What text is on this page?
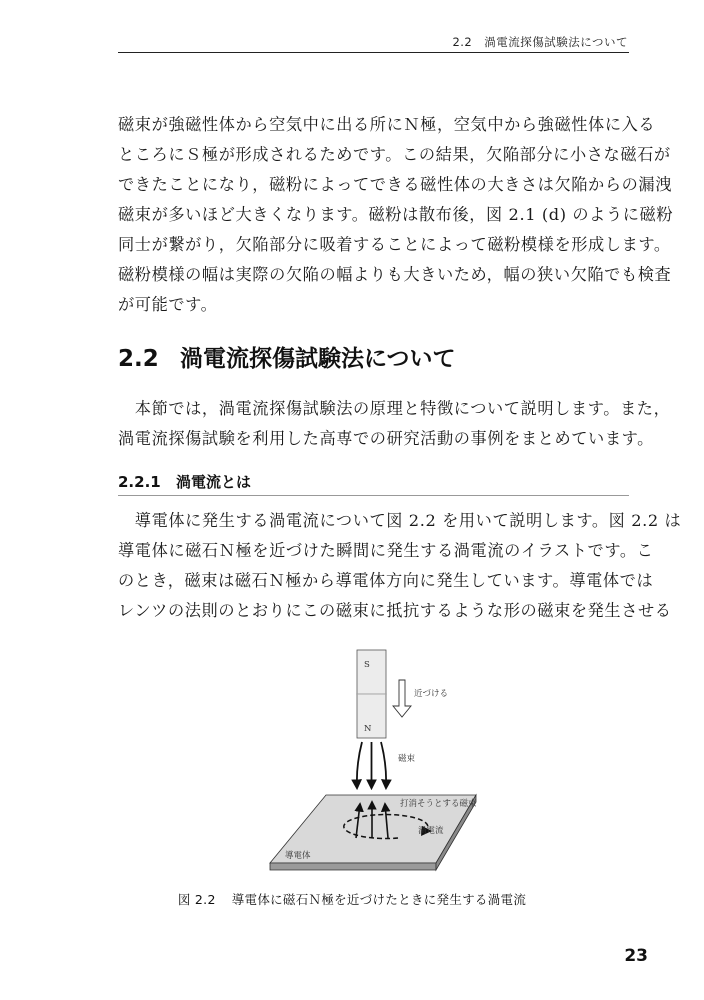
2.2　渦電流探傷試験法について

磁束が強磁性体から空気中に出る所にＮ極，空気中から強磁性体に入る
ところにＳ極が形成されるためです。この結果，欠陥部分に小さな磁石が
できたことになり，磁粉によってできる磁性体の大きさは欠陥からの漏洩
磁束が多いほど大きくなります。磁粉は散布後，図 2.1 (d) のように磁粉
同士が繋がり，欠陥部分に吸着することによって磁粉模様を形成します。
磁粉模様の幅は実際の欠陥の幅よりも大きいため，幅の狭い欠陥でも検査
が可能です。

2.2 渦電流探傷試験法について

　本節では，渦電流探傷試験法の原理と特徴について説明します。また，
渦電流探傷試験を利用した高専での研究活動の事例をまとめています。

2.2.1 渦電流とは

　導電体に発生する渦電流について図 2.2 を用いて説明します。図 2.2 は
導電体に磁石Ｎ極を近づけた瞬間に発生する渦電流のイラストです。こ
のとき，磁束は磁石Ｎ極から導電体方向に発生しています。導電体では
レンツの法則のとおりにこの磁束に抵抗するような形の磁束を発生させる

S
N
近づける
磁束
打消そうとする磁束
渦電流
導電体
図 2.2 導電体に磁石Ｎ極を近づけたときに発生する渦電流
23
